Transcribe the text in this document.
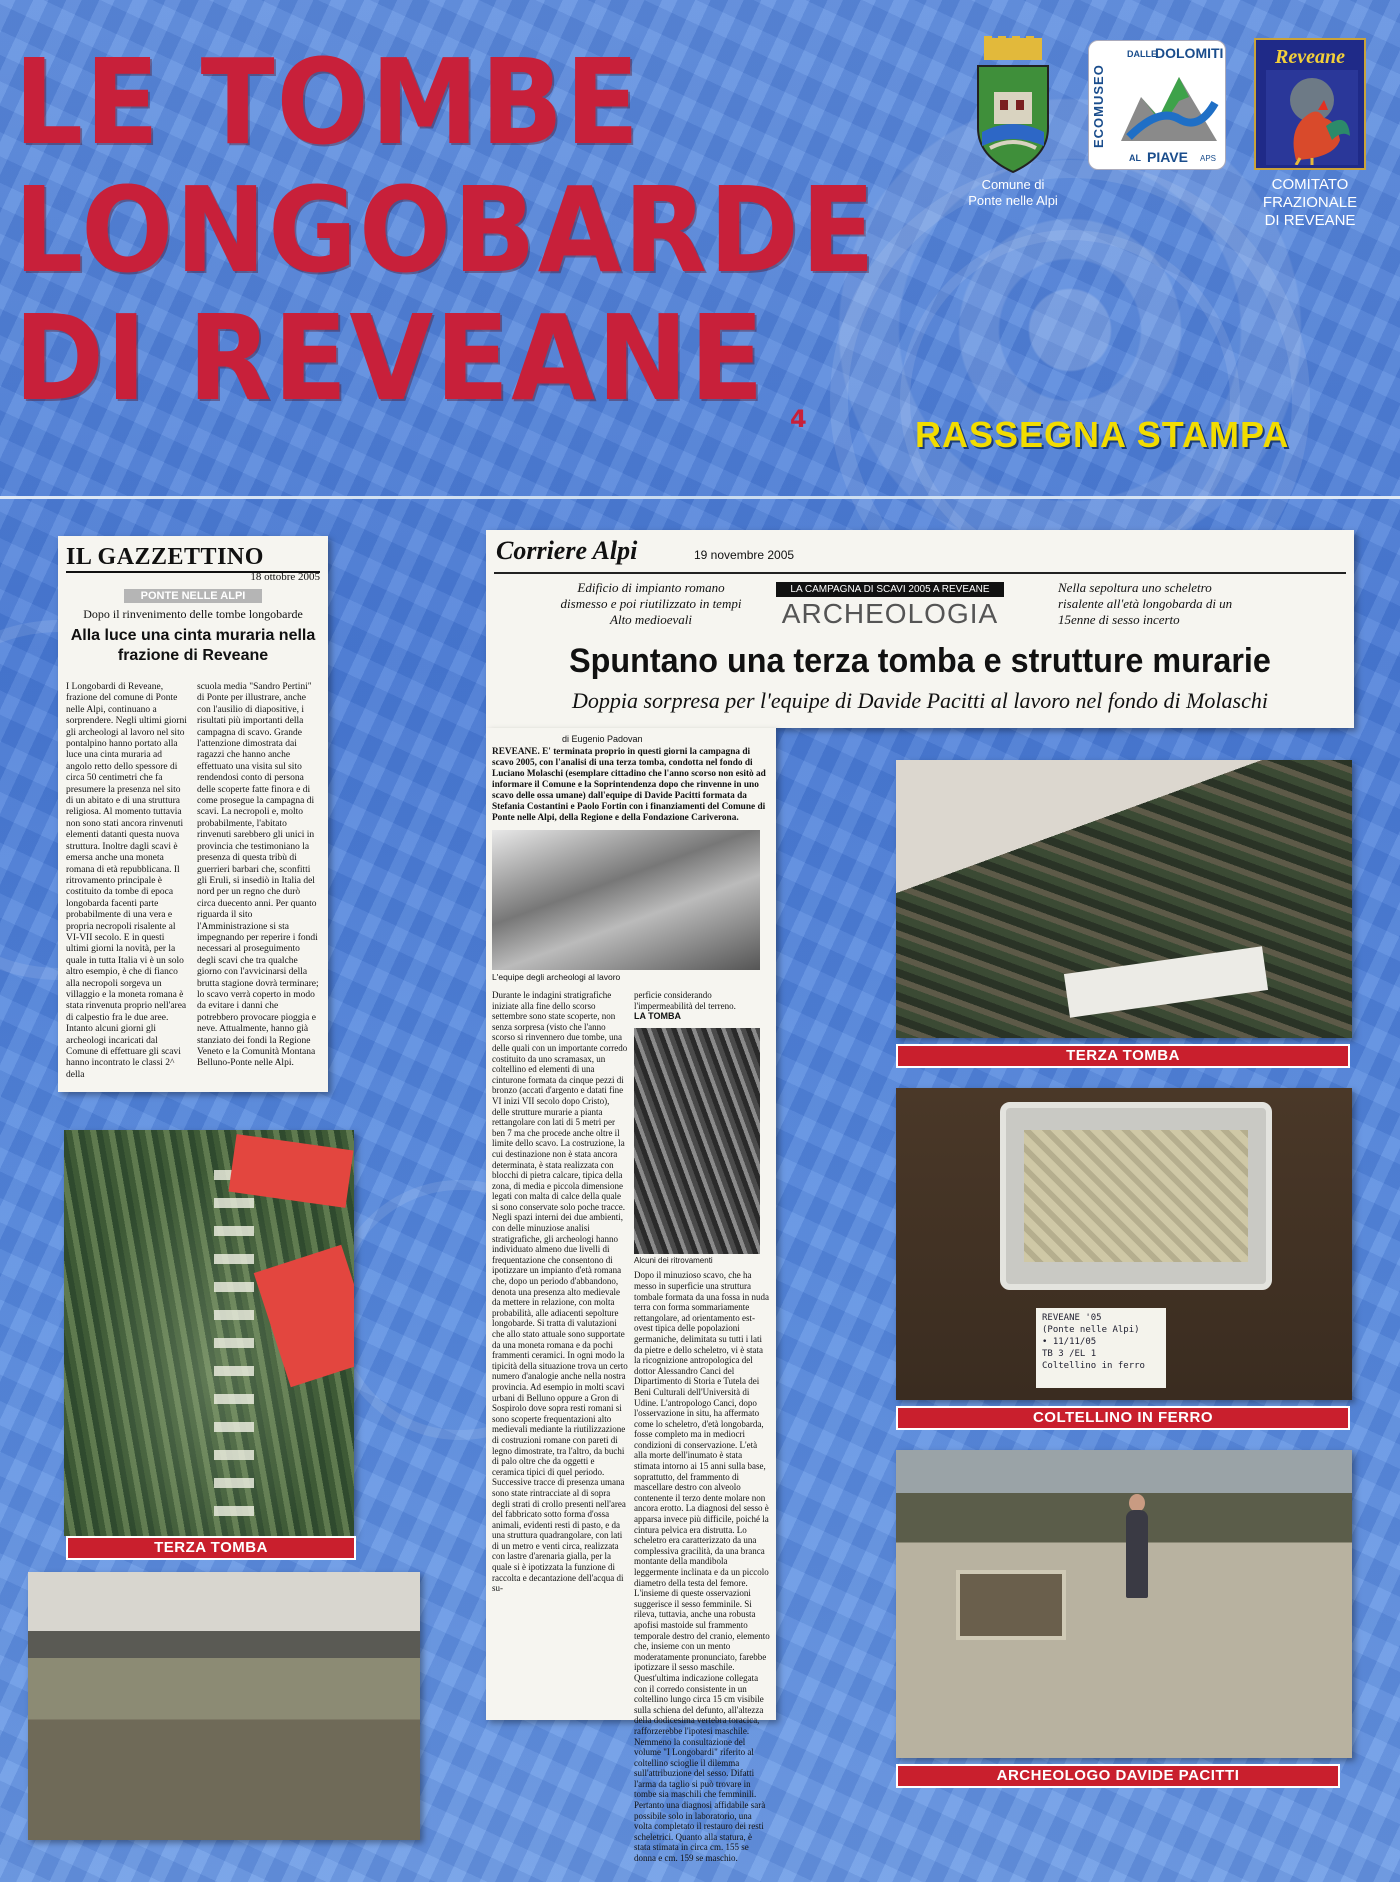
LE TOMBE
LONGOBARDE
DI REVEANE	4	RASSEGNA STAMPA
Comune di
Ponte nelle Alpi
ECOMUSEO
DALLE
DOLOMITI
AL PIAVE APS
Reveane
COMITATO
FRAZIONALE
DI REVEANE
IL GAZZETTINO
18 ottobre 2005
PONTE NELLE ALPI
Dopo il rinvenimento delle tombe longobarde
Alla luce una cinta muraria nella frazione di Reveane
I Longobardi di Reveane, frazione del comune di Ponte nelle Alpi, continuano a sorprendere. Negli ultimi giorni gli archeologi al lavoro nel sito pontalpino hanno portato alla luce una cinta muraria ad angolo retto dello spessore di circa 50 centimetri che fa presumere la presenza nel sito di un abitato e di una struttura religiosa. Al momento tuttavia non sono stati ancora rinvenuti elementi datanti questa nuova struttura. Inoltre dagli scavi è emersa anche una moneta romana di età repubblicana. Il ritrovamento principale è costituito da tombe di epoca longobarda facenti parte probabilmente di una vera e propria necropoli risalente al VI-VII secolo. E in questi ultimi giorni la novità, per la quale in tutta Italia vi è un solo altro esempio, è che di fianco alla necropoli sorgeva un villaggio e la moneta romana è stata rinvenuta proprio nell'area di calpestio fra le due aree. Intanto alcuni giorni gli archeologi incaricati dal Comune di effettuare gli scavi hanno incontrato le classi 2^ della
scuola media "Sandro Pertini" di Ponte per illustrare, anche con l'ausilio di diapositive, i risultati più importanti della campagna di scavo. Grande l'attenzione dimostrata dai ragazzi che hanno anche effettuato una visita sul sito rendendosi conto di persona delle scoperte fatte finora e di come prosegue la campagna di scavi. La necropoli e, molto probabilmente, l'abitato rinvenuti sarebbero gli unici in provincia che testimoniano la presenza di questa tribù di guerrieri barbari che, sconfitti gli Eruli, si insediò in Italia del nord per un regno che durò circa duecento anni. Per quanto riguarda il sito l'Amministrazione si sta impegnando per reperire i fondi necessari al proseguimento degli scavi che tra qualche giorno con l'avvicinarsi della brutta stagione dovrà terminare; lo scavo verrà coperto in modo da evitare i danni che potrebbero provocare pioggia e neve. Attualmente, hanno già stanziato dei fondi la Regione Veneto e la Comunità Montana Belluno-Ponte nelle Alpi.
Corriere Alpi	19 novembre 2005
Edificio di impianto romano dismesso e poi riutilizzato in tempi Alto medioevali
LA CAMPAGNA DI SCAVI 2005 A REVEANE
ARCHEOLOGIA
Nella sepoltura uno scheletro risalente all'età longobarda di un 15enne di sesso incerto
Spuntano una terza tomba e strutture murarie
Doppia sorpresa per l'equipe di Davide Pacitti al lavoro nel fondo di Molaschi
di Eugenio Padovan
REVEANE. E' terminata proprio in questi giorni la campagna di scavo 2005, con l'analisi di una terza tomba, condotta nel fondo di Luciano Molaschi (esemplare cittadino che l'anno scorso non esitò ad informare il Comune e la Soprintendenza dopo che rinvenne in uno scavo delle ossa umane) dall'equipe di Davide Pacitti formata da Stefania Costantini e Paolo Fortin con i finanziamenti del Comune di Ponte nelle Alpi, della Regione e della Fondazione Cariverona.
L'equipe degli archeologi al lavoro
Durante le indagini stratigrafiche iniziate alla fine dello scorso settembre sono state scoperte, non senza sorpresa (visto che l'anno scorso si rinvennero due tombe, una delle quali con un importante corredo costituito da uno scramasax, un coltellino ed elementi di una cinturone formata da cinque pezzi di bronzo (accati d'argento e datati fine VI inizi VII secolo dopo Cristo), delle strutture murarie a pianta rettangolare con lati di 5 metri per ben 7 ma che procede anche oltre il limite dello scavo. La costruzione, la cui destinazione non è stata ancora determinata, è stata realizzata con blocchi di pietra calcare, tipica della zona, di media e piccola dimensione legati con malta di calce della quale si sono conservate solo poche tracce. Negli spazi interni dei due ambienti, con delle minuziose analisi stratigrafiche, gli archeologi hanno individuato almeno due livelli di frequentazione che consentono di ipotizzare un impianto d'età romana che, dopo un periodo d'abbandono, denota una presenza alto medievale da mettere in relazione, con molta probabilità, alle adiacenti sepolture longobarde. Si tratta di valutazioni che allo stato attuale sono supportate da una moneta romana e da pochi frammenti ceramici. In ogni modo la tipicità della situazione trova un certo numero d'analogie anche nella nostra provincia. Ad esempio in molti scavi urbani di Belluno oppure a Gron di Sospirolo dove sopra resti romani si sono scoperte frequentazioni alto medievali mediante la riutilizzazione di costruzioni romane con pareti di legno dimostrate, tra l'altro, da buchi di palo oltre che da oggetti e ceramica tipici di quel periodo. Successive tracce di presenza umana sono state rintracciate al di sopra degli strati di crollo presenti nell'area del fabbricato sotto forma d'ossa animali, evidenti resti di pasto, e da una struttura quadrangolare, con lati di un metro e venti circa, realizzata con lastre d'arenaria gialla, per la quale si è ipotizzata la funzione di raccolta e decantazione dell'acqua di su-
perficie considerando l'impermeabilità del terreno.
LA TOMBA
Alcuni dei ritrovamenti
Dopo il minuzioso scavo, che ha messo in superficie una struttura tombale formata da una fossa in nuda terra con forma sommariamente rettangolare, ad orientamento est-ovest tipica delle popolazioni germaniche, delimitata su tutti i lati da pietre e dello scheletro, vi è stata la ricognizione antropologica del dottor Alessandro Canci del Dipartimento di Storia e Tutela dei Beni Culturali dell'Università di Udine. L'antropologo Canci, dopo l'osservazione in situ, ha affermato come lo scheletro, d'età longobarda, fosse completo ma in mediocri condizioni di conservazione. L'età alla morte dell'inumato è stata stimata intorno ai 15 anni sulla base, soprattutto, del frammento di mascellare destro con alveolo contenente il terzo dente molare non ancora erotto. La diagnosi del sesso è apparsa invece più difficile, poiché la cintura pelvica era distrutta. Lo scheletro era caratterizzato da una complessiva gracilità, da una branca montante della mandibola leggermente inclinata e da un piccolo diametro della testa del femore. L'insieme di queste osservazioni suggerisce il sesso femminile. Si rileva, tuttavia, anche una robusta apofisi mastoide sul frammento temporale destro del cranio, elemento che, insieme con un mento moderatamente pronunciato, farebbe ipotizzare il sesso maschile. Quest'ultima indicazione collegata con il corredo consistente in un coltellino lungo circa 15 cm visibile sulla schiena del defunto, all'altezza della dodicesima vertebra toracica, rafforzerebbe l'ipotesi maschile. Nemmeno la consultazione del volume "I Longobardi" riferito al coltellino scioglie il dilemma sull'attribuzione del sesso. Difatti l'arma da taglio si può trovare in tombe sia maschili che femminili. Pertanto una diagnosi affidabile sarà possibile solo in laboratorio, una volta completato il restauro dei resti scheletrici. Quanto alla statura, è stata stimata in circa cm. 155 se donna e cm. 159 se maschio.
TERZA TOMBA
TERZA TOMBA
REVEANE '05
(Ponte nelle Alpi)
• 11/11/05
TB 3 /EL 1
Coltellino in ferro
COLTELLINO IN FERRO
ARCHEOLOGO DAVIDE PACITTI
